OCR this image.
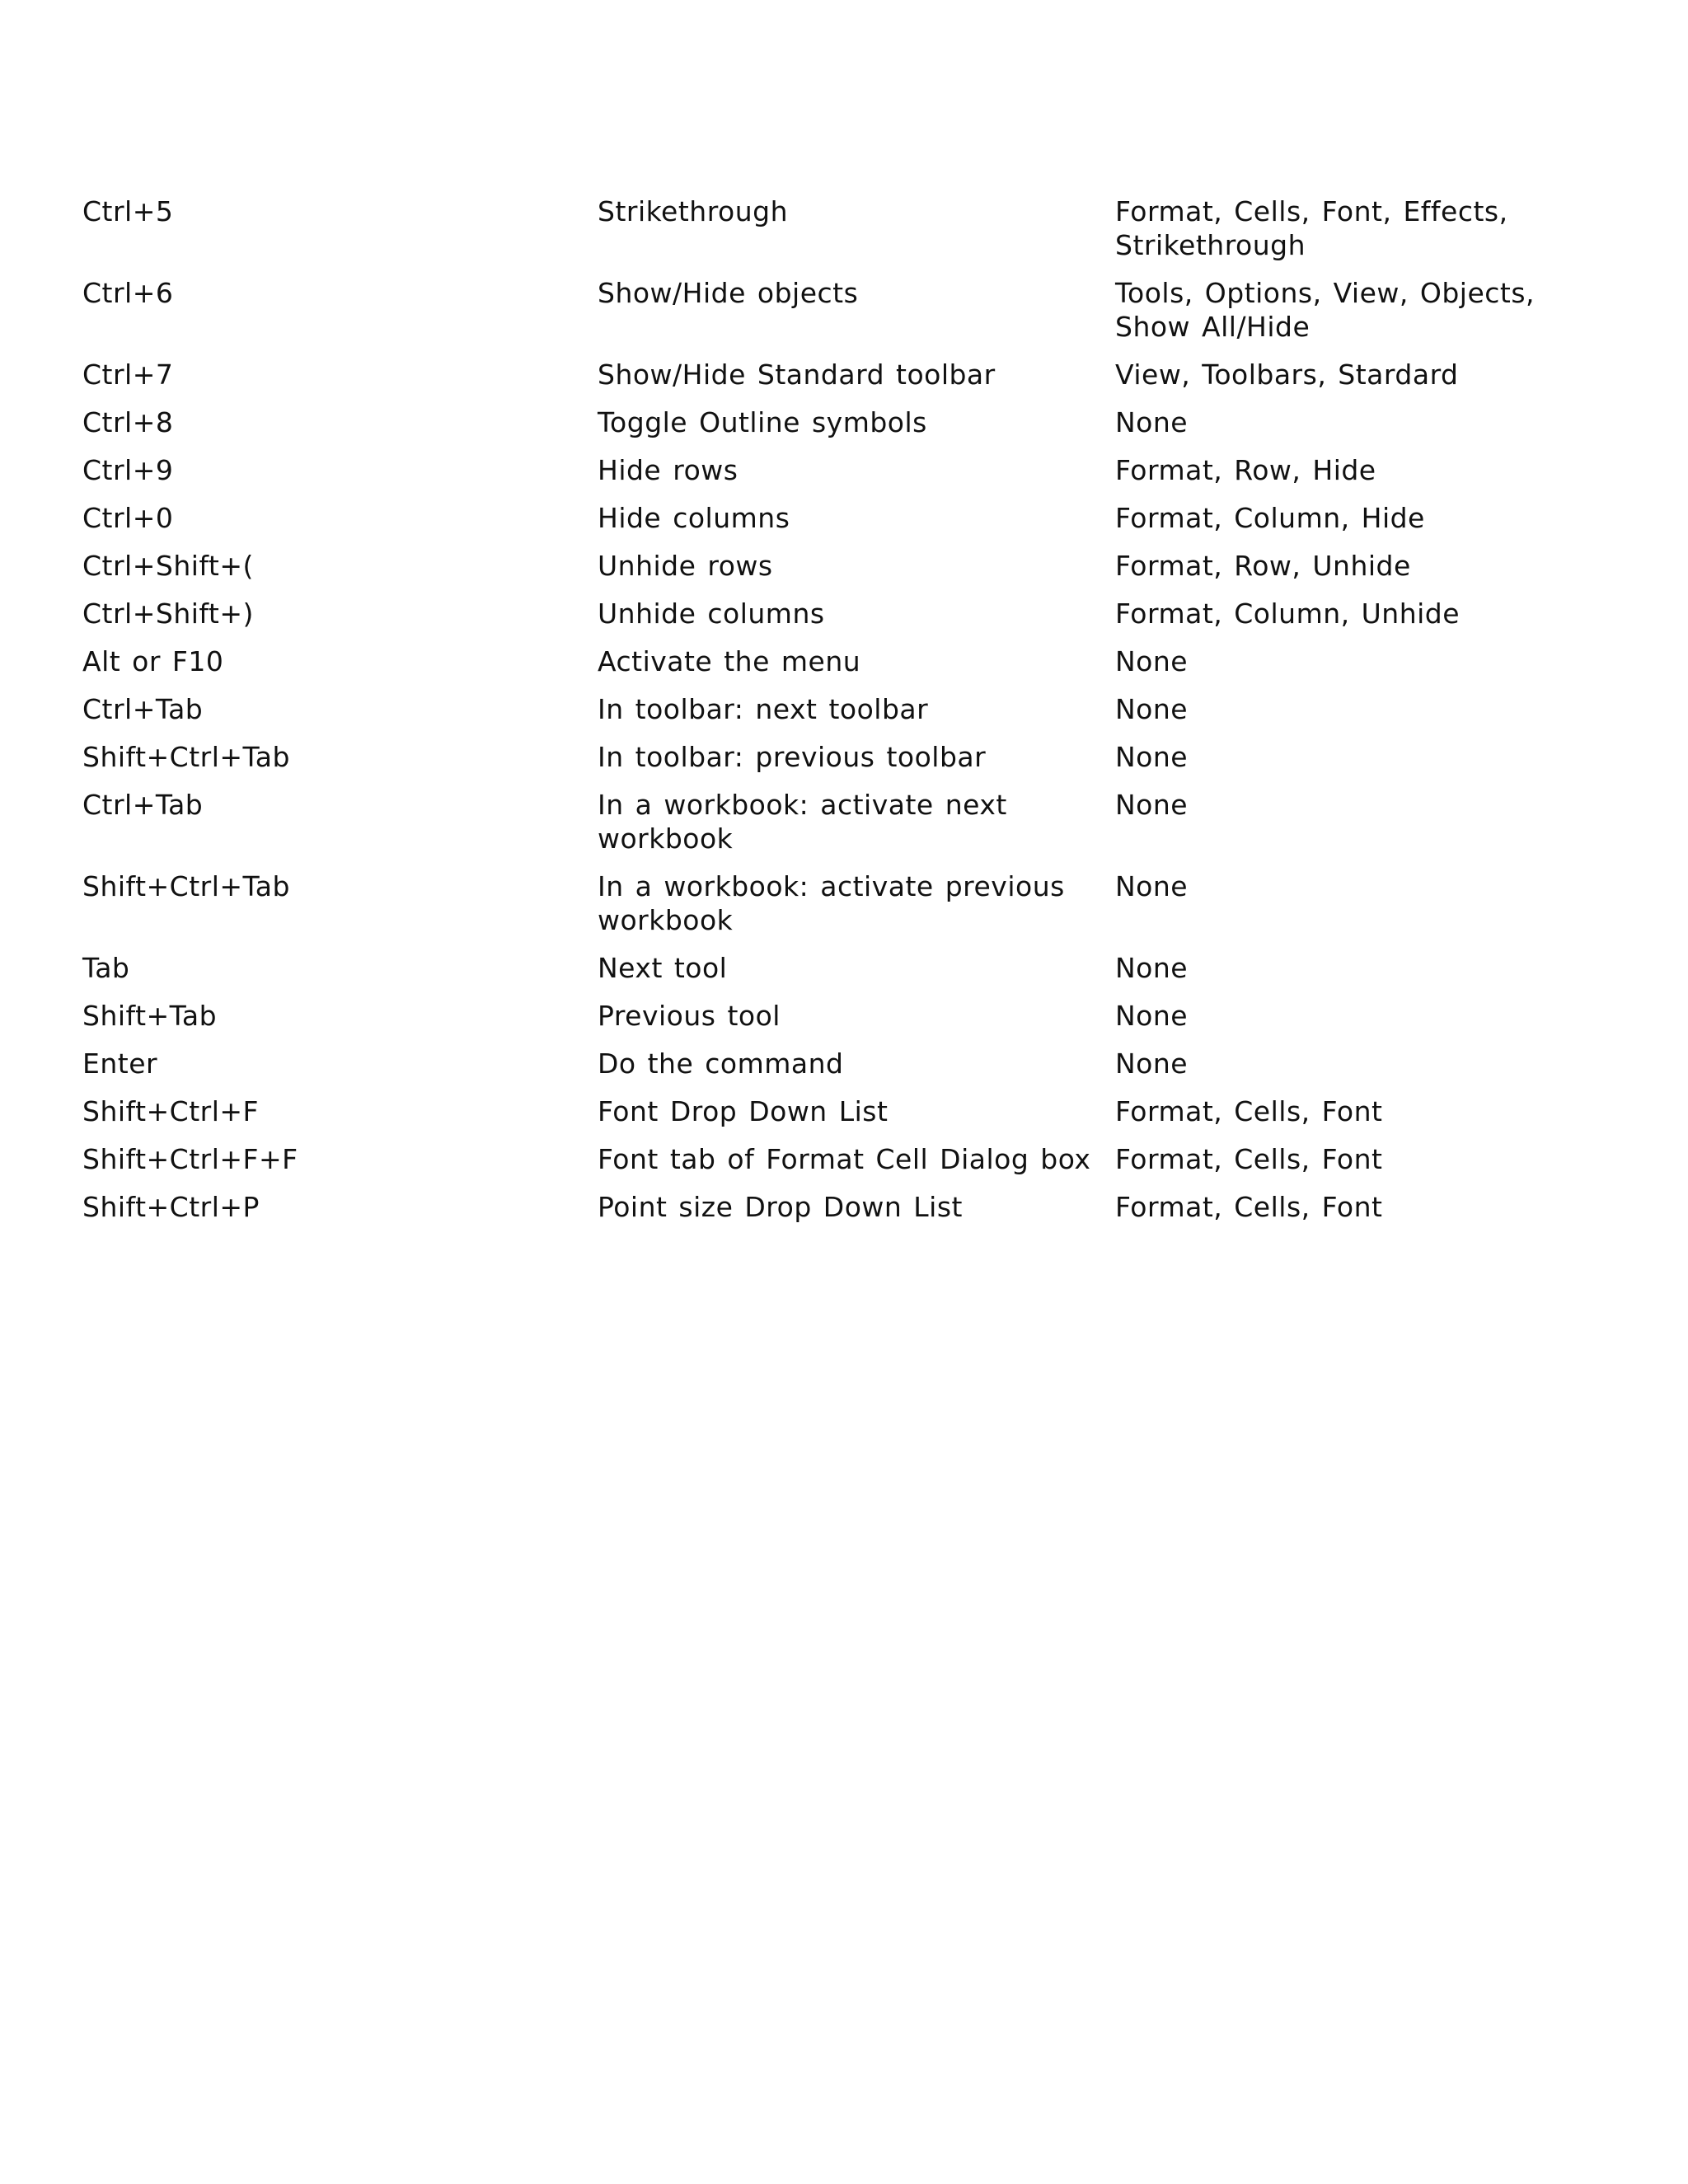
Ctrl+5	Strikethrough	Format, Cells, Font, Effects, Strikethrough
Ctrl+6	Show/Hide objects	Tools, Options, View, Objects, Show All/Hide
Ctrl+7	Show/Hide Standard toolbar	View, Toolbars, Stardard
Ctrl+8	Toggle Outline symbols	None
Ctrl+9	Hide rows	Format, Row, Hide
Ctrl+0	Hide columns	Format, Column, Hide
Ctrl+Shift+(	Unhide rows	Format, Row, Unhide
Ctrl+Shift+)	Unhide columns	Format, Column, Unhide
Alt or F10	Activate the menu	None
Ctrl+Tab	In toolbar: next toolbar	None
Shift+Ctrl+Tab	In toolbar: previous toolbar	None
Ctrl+Tab	In a workbook: activate next workbook	None
Shift+Ctrl+Tab	In a workbook: activate previous workbook	None
Tab	Next tool	None
Shift+Tab	Previous tool	None
Enter	Do the command	None
Shift+Ctrl+F	Font Drop Down List	Format, Cells, Font
Shift+Ctrl+F+F	Font tab of Format Cell Dialog box	Format, Cells, Font
Shift+Ctrl+P	Point size Drop Down List	Format, Cells, Font
